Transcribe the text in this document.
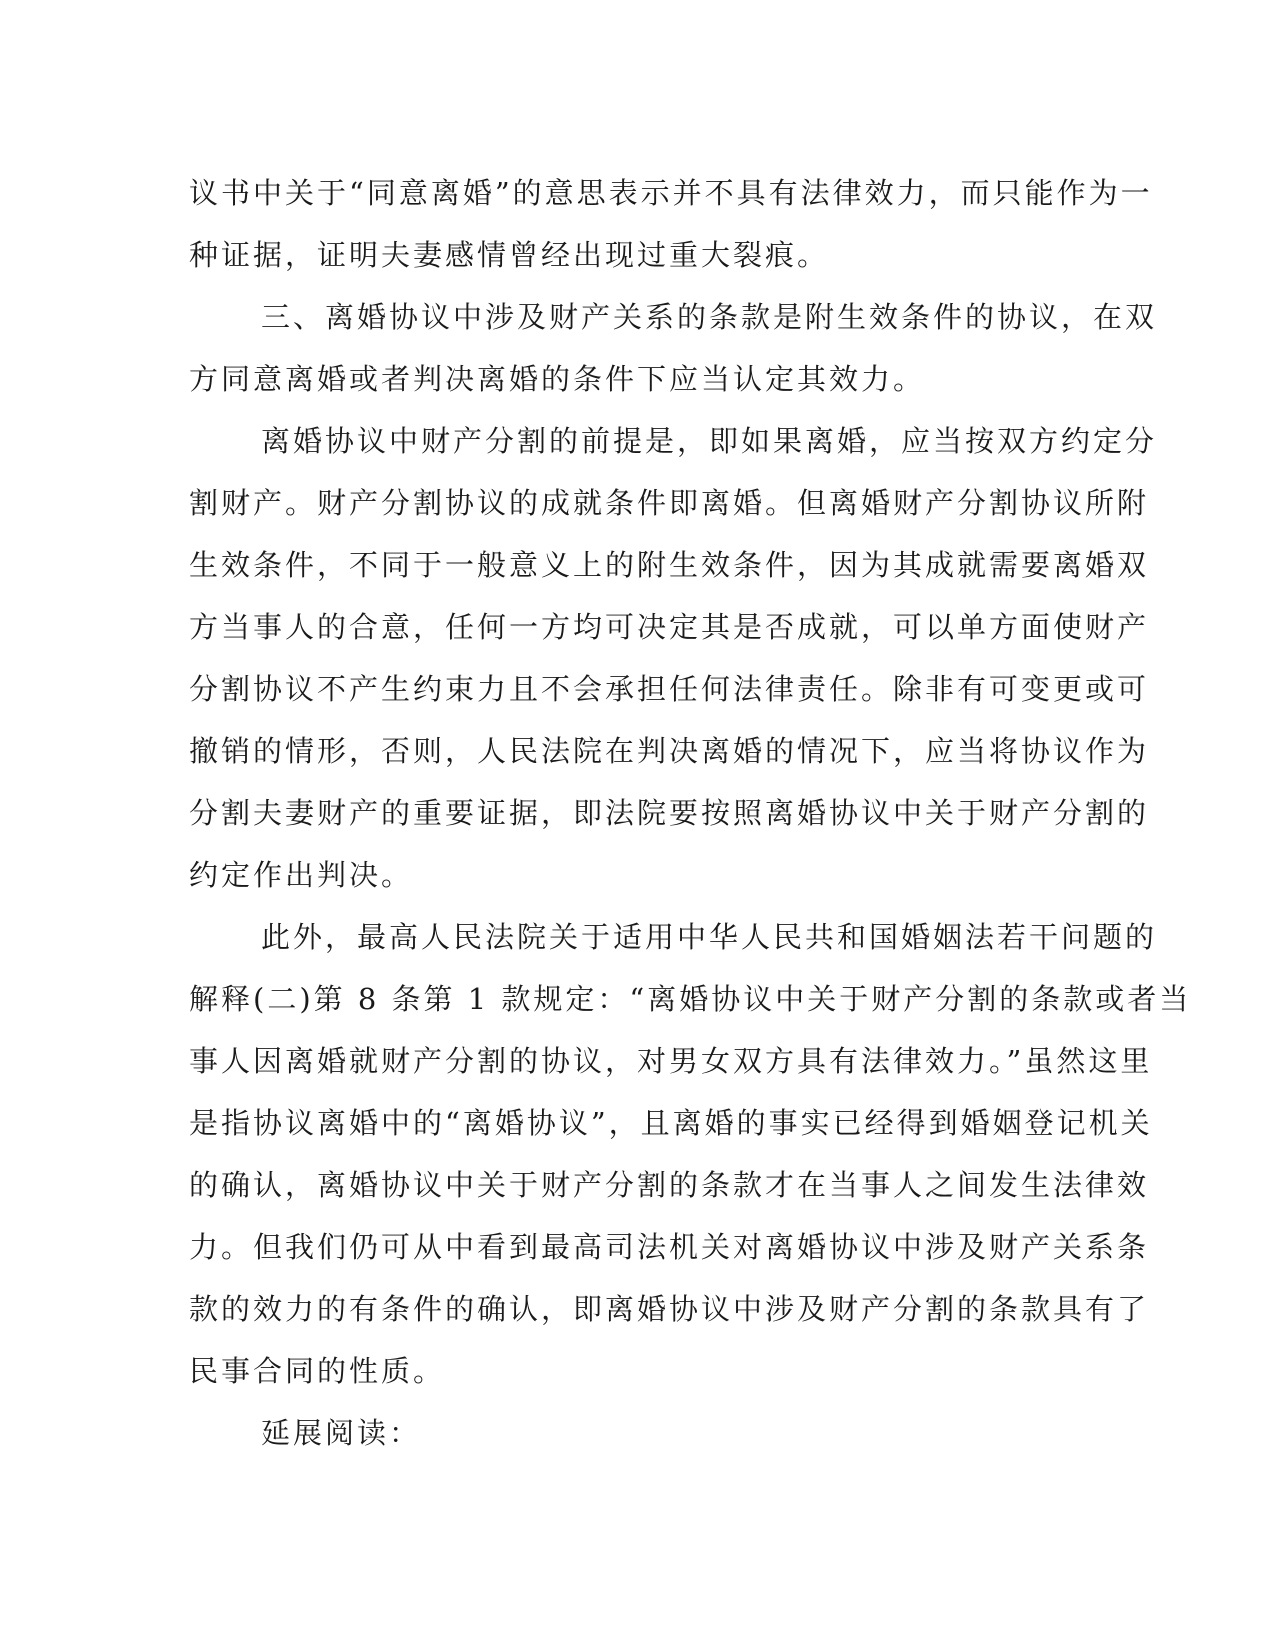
议书中关于“同意离婚”的意思表示并不具有法律效力，而只能作为一
种证据，证明夫妻感情曾经出现过重大裂痕。
三、离婚协议中涉及财产关系的条款是附生效条件的协议，在双
方同意离婚或者判决离婚的条件下应当认定其效力。
离婚协议中财产分割的前提是，即如果离婚，应当按双方约定分
割财产。财产分割协议的成就条件即离婚。但离婚财产分割协议所附
生效条件，不同于一般意义上的附生效条件，因为其成就需要离婚双
方当事人的合意，任何一方均可决定其是否成就，可以单方面使财产
分割协议不产生约束力且不会承担任何法律责任。除非有可变更或可
撤销的情形，否则，人民法院在判决离婚的情况下，应当将协议作为
分割夫妻财产的重要证据，即法院要按照离婚协议中关于财产分割的
约定作出判决。
此外，最高人民法院关于适用中华人民共和国婚姻法若干问题的
解释(二)第 8 条第 1 款规定：“离婚协议中关于财产分割的条款或者当
事人因离婚就财产分割的协议，对男女双方具有法律效力。”虽然这里
是指协议离婚中的“离婚协议”，且离婚的事实已经得到婚姻登记机关
的确认，离婚协议中关于财产分割的条款才在当事人之间发生法律效
力。但我们仍可从中看到最高司法机关对离婚协议中涉及财产关系条
款的效力的有条件的确认，即离婚协议中涉及财产分割的条款具有了
民事合同的性质。
延展阅读：
